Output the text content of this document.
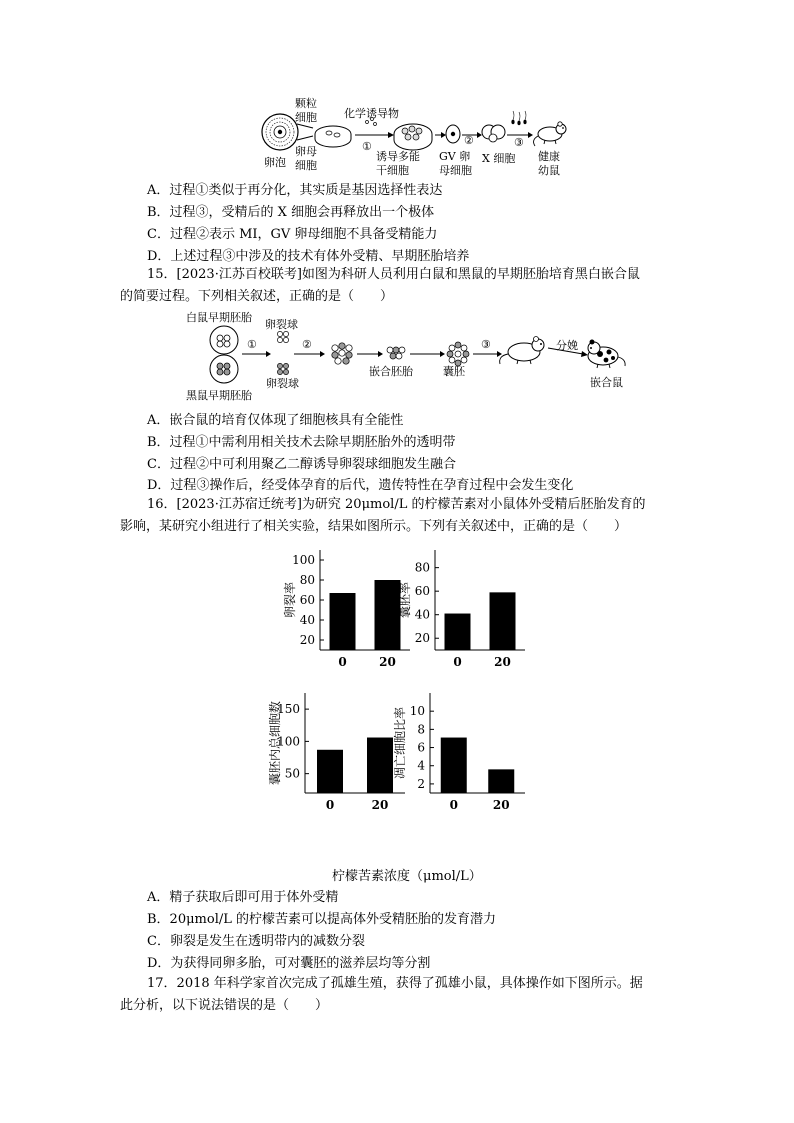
颗粒
细胞
卵母
细胞
卵泡
化学诱导物
①
诱导多能
干细胞
②
GV 卵
母细胞
X 细胞
③
健康
幼鼠
A．过程①类似于再分化，其实质是基因选择性表达
B．过程③，受精后的 X 细胞会再释放出一个极体
C．过程②表示 MⅠ，GV 卵母细胞不具备受精能力
D．上述过程③中涉及的技术有体外受精、早期胚胎培养
15．[2023·江苏百校联考]如图为科研人员利用白鼠和黑鼠的早期胚胎培育黑白嵌合鼠
的简要过程。下列相关叙述，正确的是（　　）
白鼠早期胚胎
黑鼠早期胚胎
卵裂球
卵裂球
①	②
嵌合胚胎	囊胚
③	分娩
嵌合鼠
A．嵌合鼠的培育仅体现了细胞核具有全能性
B．过程①中需利用相关技术去除早期胚胎外的透明带
C．过程②中可利用聚乙二醇诱导卵裂球细胞发生融合
D．过程③操作后，经受体孕育的后代，遗传特性在孕育过程中会发生变化
16．[2023·江苏宿迁统考]为研究 20μmol/L 的柠檬苦素对小鼠体外受精后胚胎发育的
影响，某研究小组进行了相关实验，结果如图所示。下列有关叙述中，正确的是（　　）
20
40
60
80
100
卵裂率
0	20
20
40
60
80
囊胚率
0	20
50
100
150
囊胚内总细胞数
0	20
2
4
6
8
10
凋亡细胞比率
0	20
柠檬苦素浓度（μmol/L）
A．精子获取后即可用于体外受精
B．20μmol/L 的柠檬苦素可以提高体外受精胚胎的发育潜力
C．卵裂是发生在透明带内的减数分裂
D．为获得同卵多胎，可对囊胚的滋养层均等分割
17．2018 年科学家首次完成了孤雄生殖，获得了孤雄小鼠，具体操作如下图所示。据
此分析，以下说法错误的是（　　）
